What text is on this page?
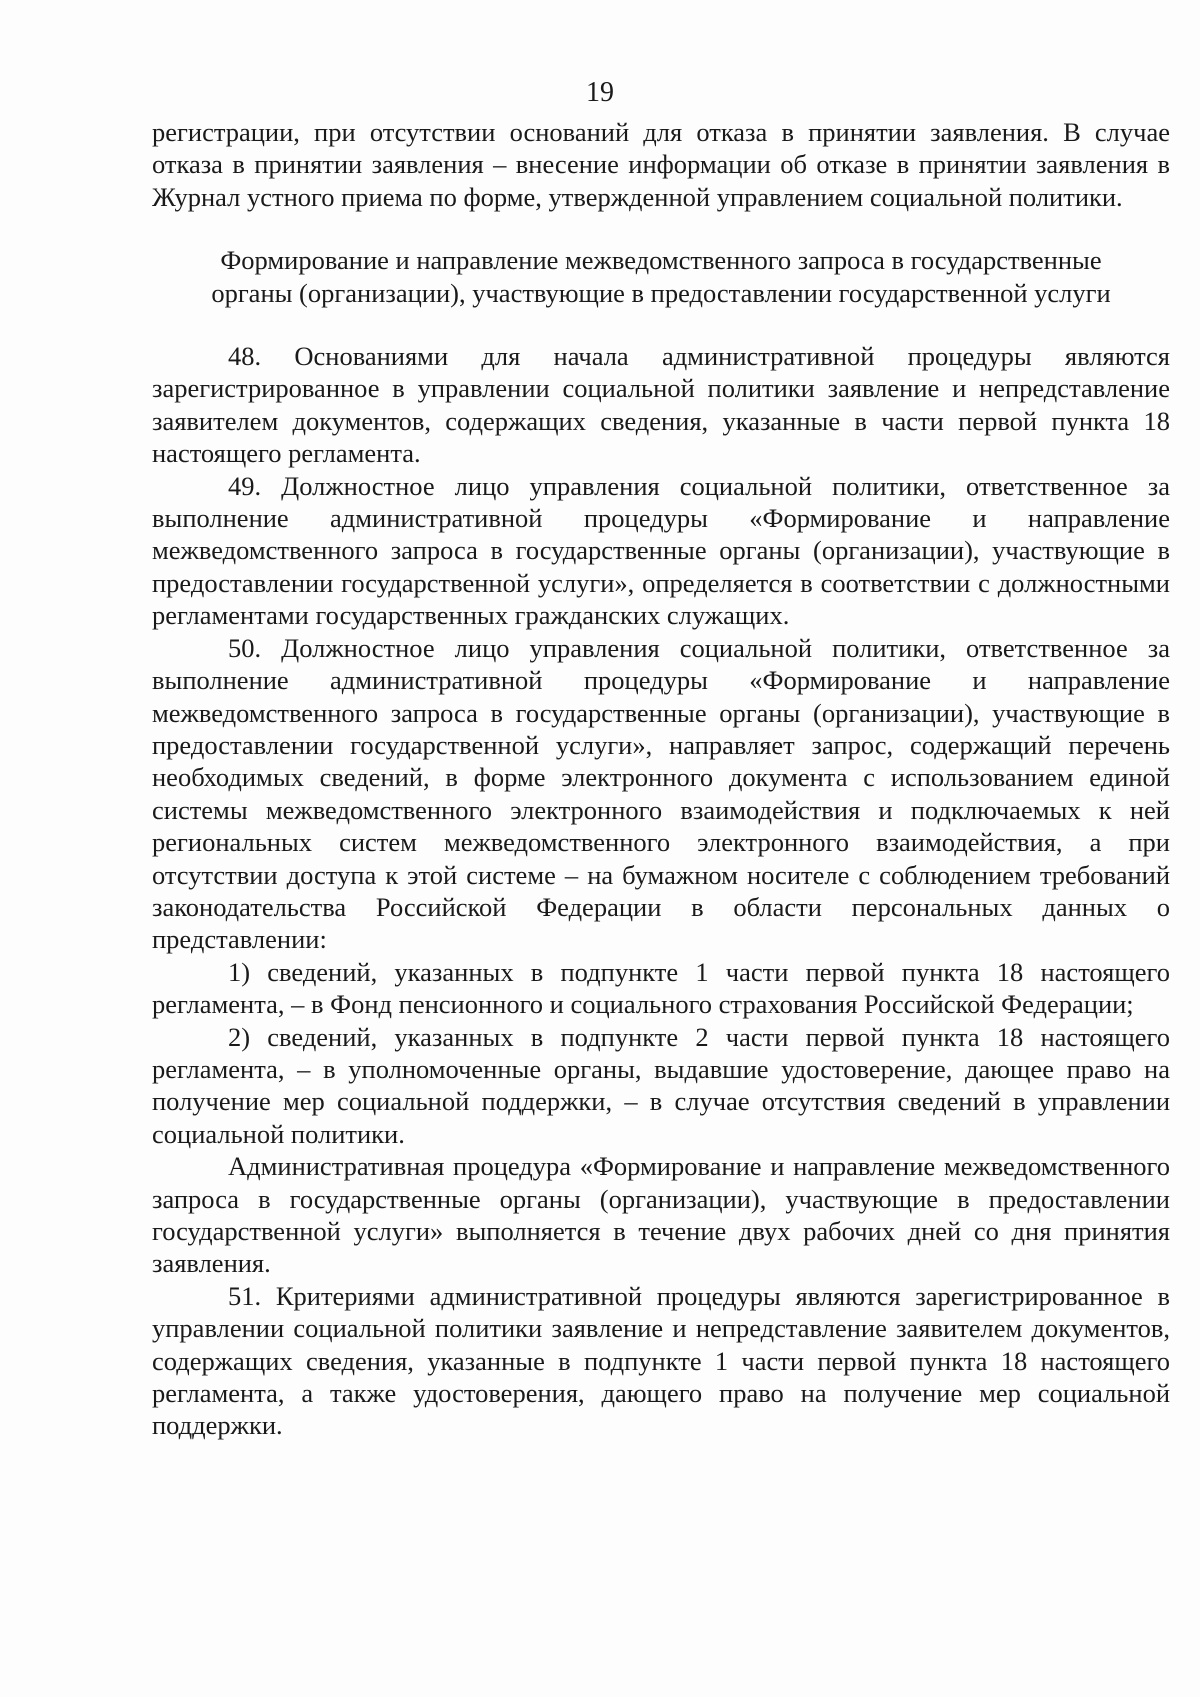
19

регистрации, при отсутствии оснований для отказа в принятии заявления. В случае отказа в принятии заявления – внесение информации об отказе в принятии заявления в Журнал устного приема по форме, утвержденной управлением социальной политики.

Формирование и направление межведомственного запроса в государственные
органы (организации), участвующие в предоставлении государственной услуги

48. Основаниями для начала административной процедуры являются зарегистрированное в управлении социальной политики заявление и непредставление заявителем документов, содержащих сведения, указанные в части первой пункта 18 настоящего регламента.

49. Должностное лицо управления социальной политики, ответственное за выполнение административной процедуры «Формирование и направление межведомственного запроса в государственные органы (организации), участвующие в предоставлении государственной услуги», определяется в соответствии с должностными регламентами государственных гражданских служащих.

50. Должностное лицо управления социальной политики, ответственное за выполнение административной процедуры «Формирование и направление межведомственного запроса в государственные органы (организации), участвующие в предоставлении государственной услуги», направляет запрос, содержащий перечень необходимых сведений, в форме электронного документа с использованием единой системы межведомственного электронного взаимодействия и подключаемых к ней региональных систем межведомственного электронного взаимодействия, а при отсутствии доступа к этой системе – на бумажном носителе с соблюдением требований законодательства Российской Федерации в области персональных данных о представлении:

1) сведений, указанных в подпункте 1 части первой пункта 18 настоящего регламента, – в Фонд пенсионного и социального страхования Российской Федерации;

2) сведений, указанных в подпункте 2 части первой пункта 18 настоящего регламента, – в уполномоченные органы, выдавшие удостоверение, дающее право на получение мер социальной поддержки, – в случае отсутствия сведений в управлении социальной политики.

Административная процедура «Формирование и направление межведомственного запроса в государственные органы (организации), участвующие в предоставлении государственной услуги» выполняется в течение двух рабочих дней со дня принятия заявления.

51. Критериями административной процедуры являются зарегистрированное в управлении социальной политики заявление и непредставление заявителем документов, содержащих сведения, указанные в подпункте 1 части первой пункта 18 настоящего регламента, а также удостоверения, дающего право на получение мер социальной поддержки.
